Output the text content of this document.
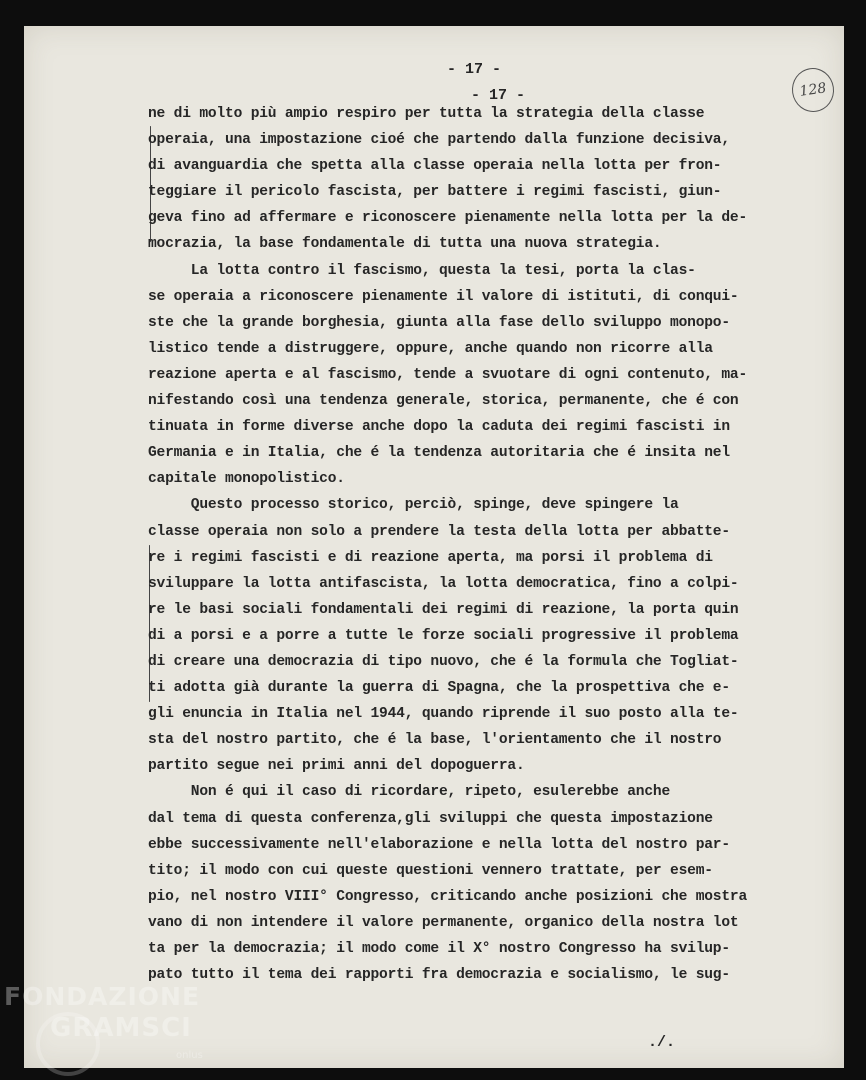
128
- 17 -
- 17 -
ne di molto più ampio respiro per tutta la strategia della classe
operaia, una impostazione cioé che partendo dalla funzione decisiva,
di avanguardia che spetta alla classe operaia nella lotta per fron-
teggiare il pericolo fascista, per battere i regimi fascisti, giun-
geva fino ad affermare e riconoscere pienamente nella lotta per la de-
mocrazia, la base fondamentale di tutta una nuova strategia.
La lotta contro il fascismo, questa la tesi, porta la clas-
se operaia a riconoscere pienamente il valore di istituti, di conqui-
ste che la grande borghesia, giunta alla fase dello sviluppo monopo-
listico tende a distruggere, oppure, anche quando non ricorre alla
reazione aperta e al fascismo, tende a svuotare di ogni contenuto, ma-
nifestando così una tendenza generale, storica, permanente, che é con
tinuata in forme diverse anche dopo la caduta dei regimi fascisti in
Germania e in Italia, che é la tendenza autoritaria che é insita nel
capitale monopolistico.
Questo processo storico, perciò, spinge, deve spingere la
classe operaia non solo a prendere la testa della lotta per abbatte-
re i regimi fascisti e di reazione aperta, ma porsi il problema di
sviluppare la lotta antifascista, la lotta democratica, fino a colpi-
re le basi sociali fondamentali dei regimi di reazione, la porta quin
di a porsi e a porre a tutte le forze sociali progressive il problema
di creare una democrazia di tipo nuovo, che é la formula che Togliat-
ti adotta già durante la guerra di Spagna, che la prospettiva che e-
gli enuncia in Italia nel 1944, quando riprende il suo posto alla te-
sta del nostro partito, che é la base, l'orientamento che il nostro
partito segue nei primi anni del dopoguerra.
Non é qui il caso di ricordare, ripeto, esulerebbe anche
dal tema di questa conferenza,gli sviluppi che questa impostazione
ebbe successivamente nell'elaborazione e nella lotta del nostro par-
tito; il modo con cui queste questioni vennero trattate, per esem-
pio, nel nostro VIII° Congresso, criticando anche posizioni che mostra
vano di non intendere il valore permanente, organico della nostra lot
ta per la democrazia; il modo come il X° nostro Congresso ha svilup-
pato tutto il tema dei rapporti fra democrazia e socialismo, le sug-
./.
FONDAZIONE
GRAMSCI
onlus
